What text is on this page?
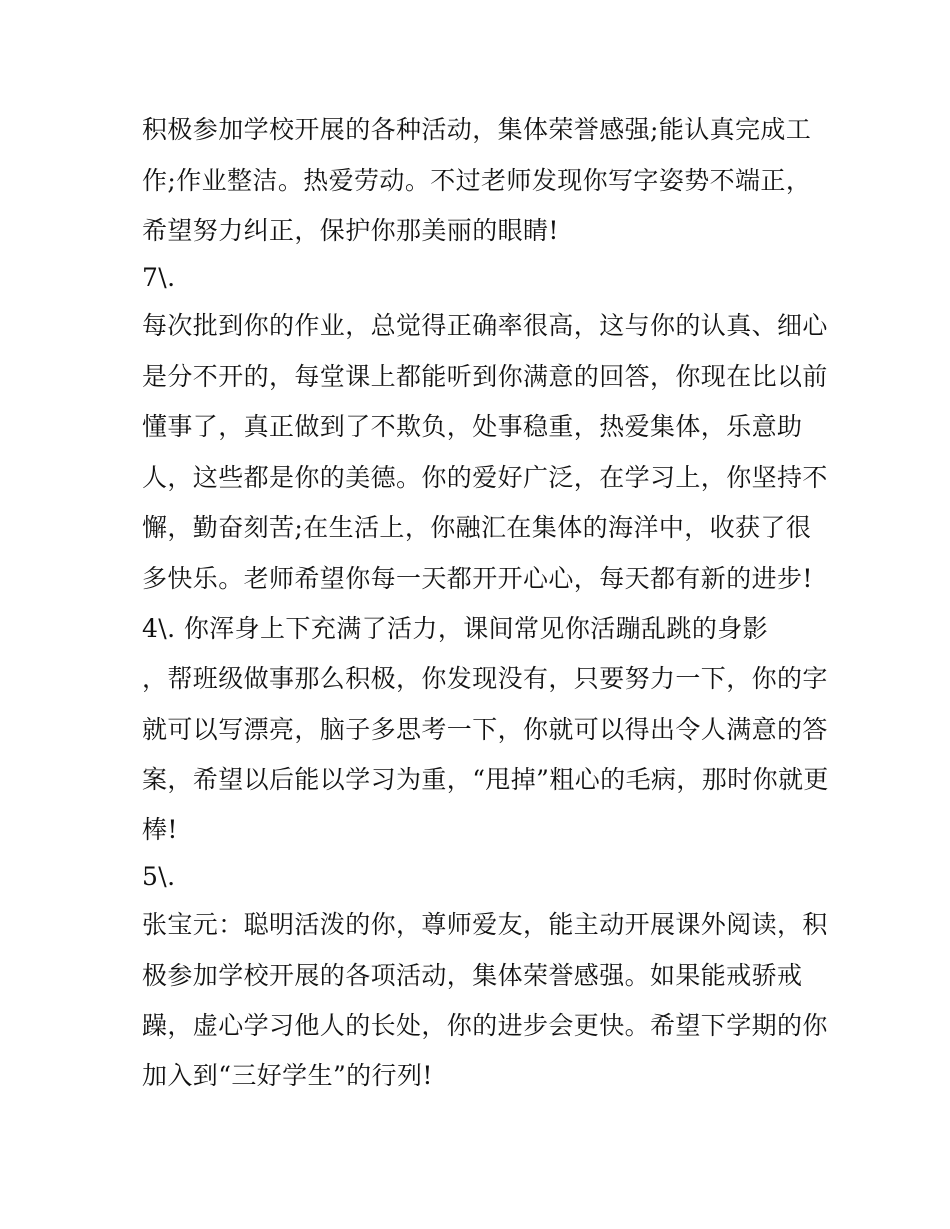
积极参加学校开展的各种活动，集体荣誉感强;能认真完成工
作;作业整洁。热爱劳动。不过老师发现你写字姿势不端正，
希望努力纠正，保护你那美丽的眼睛!
7\.
每次批到你的作业，总觉得正确率很高，这与你的认真、细心
是分不开的，每堂课上都能听到你满意的回答，你现在比以前
懂事了，真正做到了不欺负，处事稳重，热爱集体，乐意助
人，这些都是你的美德。你的爱好广泛，在学习上，你坚持不
懈，勤奋刻苦;在生活上，你融汇在集体的海洋中，收获了很
多快乐。老师希望你每一天都开开心心，每天都有新的进步!
4\. 你浑身上下充满了活力，课间常见你活蹦乱跳的身影
，帮班级做事那么积极，你发现没有，只要努力一下，你的字
就可以写漂亮，脑子多思考一下，你就可以得出令人满意的答
案，希望以后能以学习为重，“甩掉”粗心的毛病，那时你就更
棒!
5\.
张宝元：聪明活泼的你，尊师爱友，能主动开展课外阅读，积
极参加学校开展的各项活动，集体荣誉感强。如果能戒骄戒
躁，虚心学习他人的长处，你的进步会更快。希望下学期的你
加入到“三好学生”的行列!
